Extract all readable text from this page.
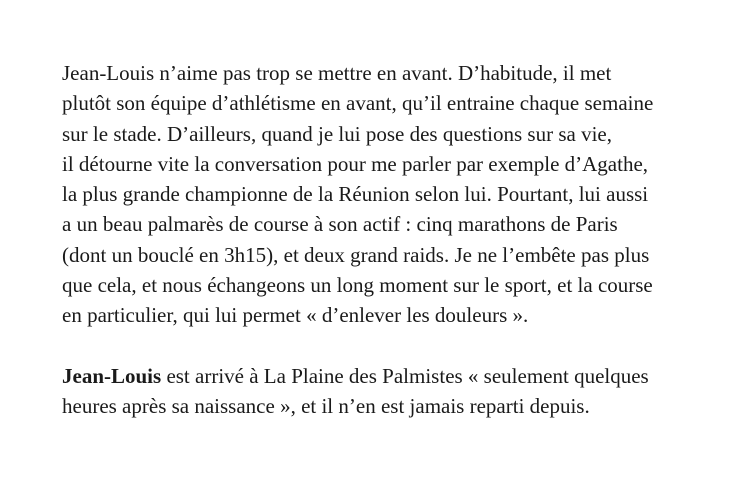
Jean-Louis n’aime pas trop se mettre en avant. D’habitude, il met
plutôt son équipe d’athlétisme en avant, qu’il entraine chaque semaine
sur le stade. D’ailleurs, quand je lui pose des questions sur sa vie,
il détourne vite la conversation pour me parler par exemple d’Agathe,
la plus grande championne de la Réunion selon lui. Pourtant, lui aussi
a un beau palmarès de course à son actif : cinq marathons de Paris
(dont un bouclé en 3h15), et deux grand raids. Je ne l’embête pas plus
que cela, et nous échangeons un long moment sur le sport, et la course
en particulier, qui lui permet « d’enlever les douleurs ».

Jean-Louis est arrivé à La Plaine des Palmistes « seulement quelques
heures après sa naissance », et il n’en est jamais reparti depuis.
